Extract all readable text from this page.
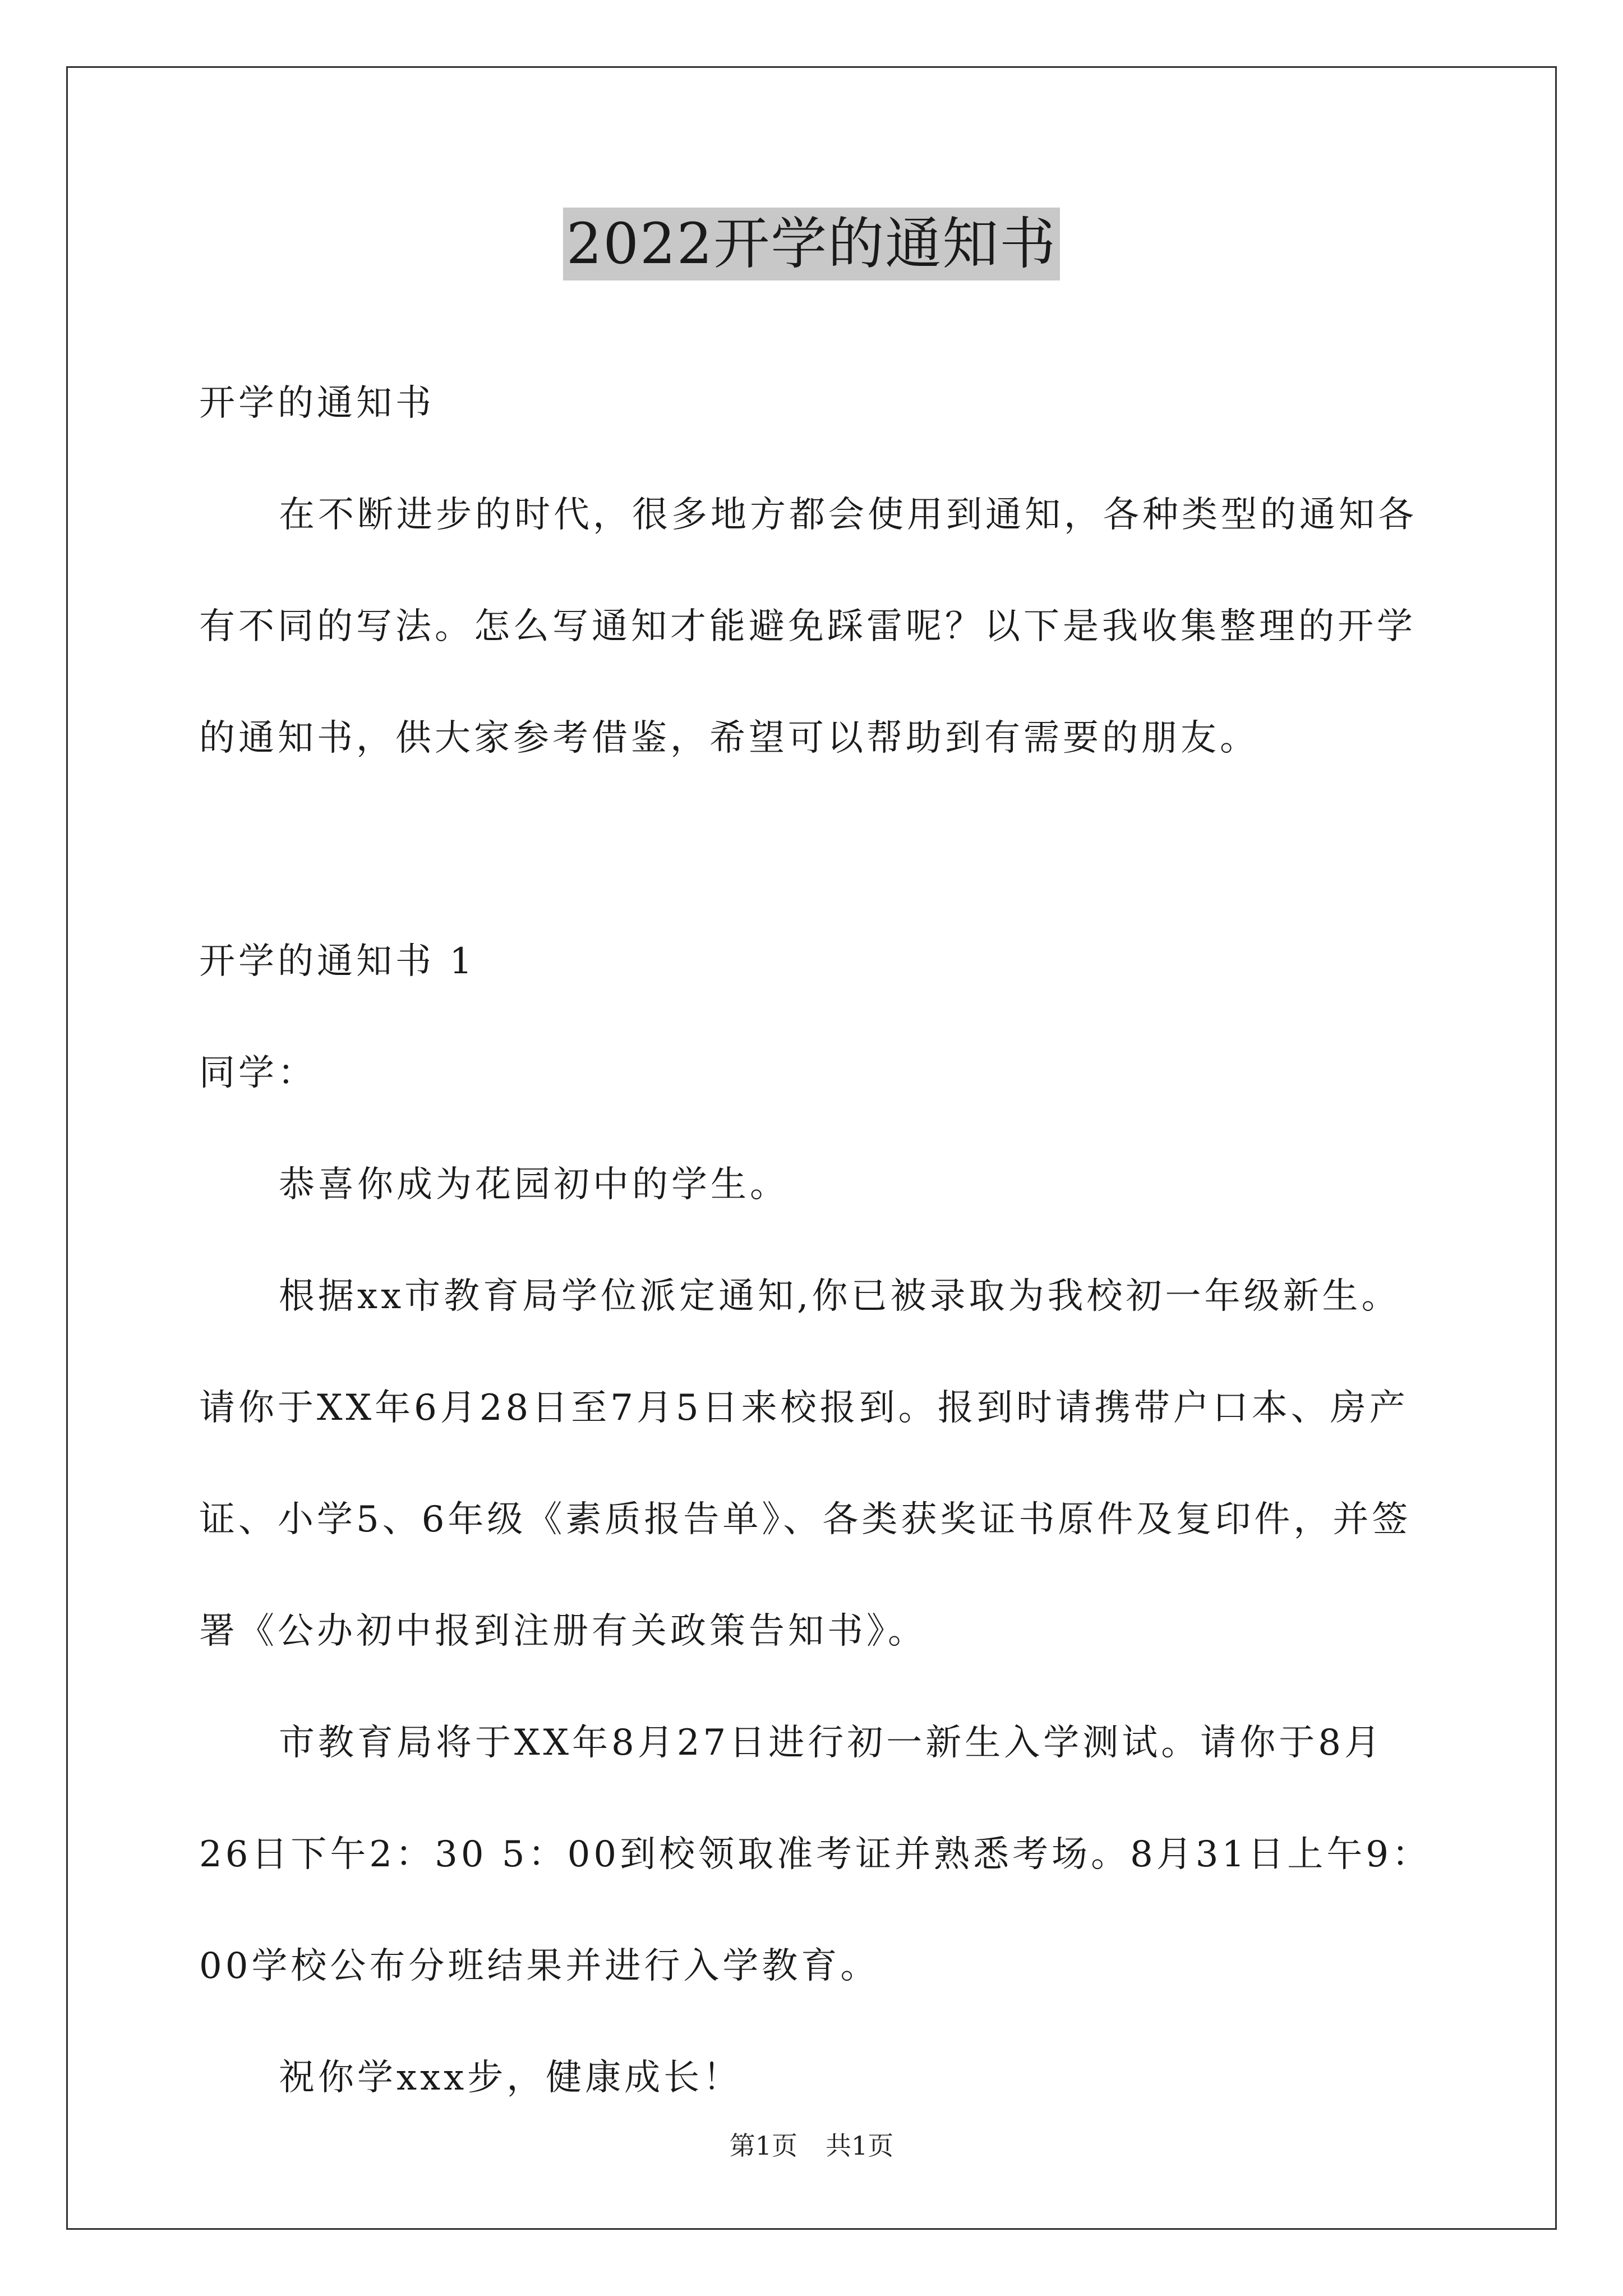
2022开学的通知书

开学的通知书

在不断进步的时代，很多地方都会使用到通知，各种类型的通知各有不同的写法。怎么写通知才能避免踩雷呢？以下是我收集整理的开学的通知书，供大家参考借鉴，希望可以帮助到有需要的朋友。

开学的通知书 1

同学：

恭喜你成为花园初中的学生。

根据xx市教育局学位派定通知,你已被录取为我校初一年级新生。请你于XX年6月28日至7月5日来校报到。报到时请携带户口本、房产证、小学5、6年级《素质报告单》、各类获奖证书原件及复印件，并签署《公办初中报到注册有关政策告知书》。

市教育局将于XX年8月27日进行初一新生入学测试。请你于8月26日下午2：30 5：00到校领取准考证并熟悉考场。8月31日上午9：00学校公布分班结果并进行入学教育。

祝你学xxx步，健康成长！

第1页 共1页
